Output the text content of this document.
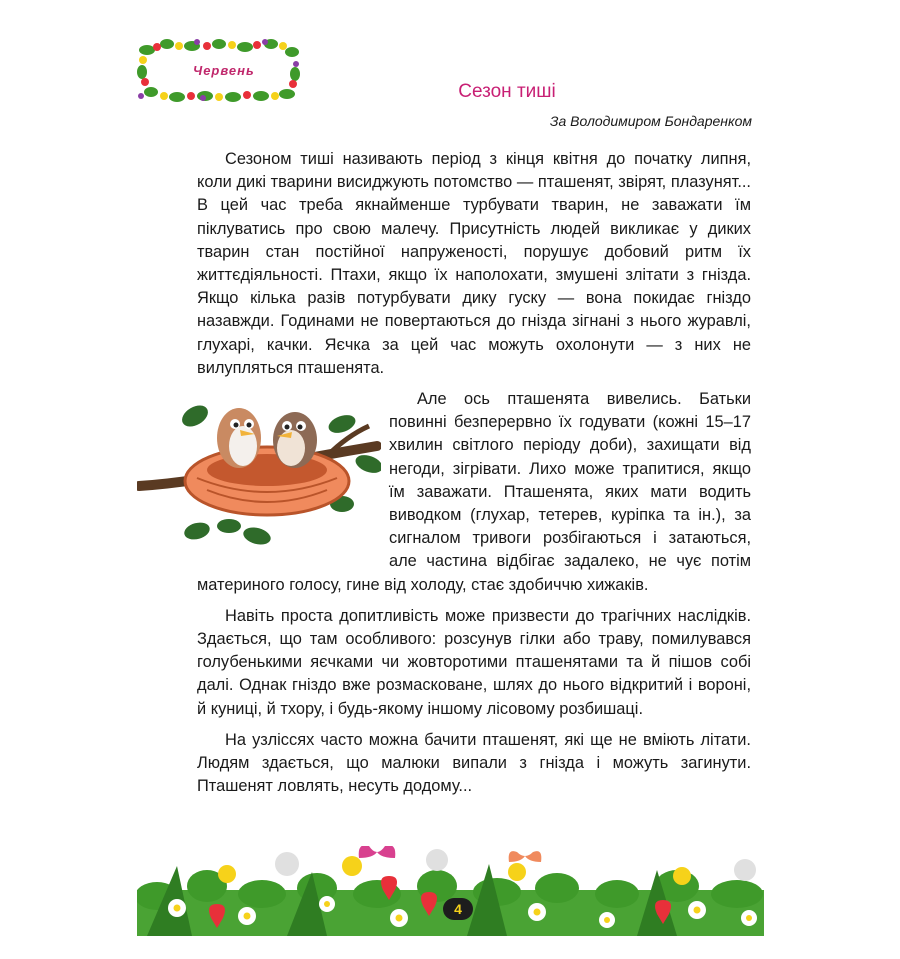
Червень
Сезон тиші
За Володимиром Бондаренком

Сезоном тиші називають період з кінця квітня до початку липня, коли дикі тварини висиджують потомство — пташенят, звірят, плазунят... В цей час треба якнайменше турбувати тварин, не заважати їм піклуватись про свою малечу. Присутність людей викликає у диких тварин стан постійної напруженості, порушує добовий ритм їх життєдіяльності. Птахи, якщо їх наполохати, змушені злітати з гнізда. Якщо кілька разів потурбувати дику гуску — вона покидає гніздо назавжди. Годинами не повертаються до гнізда зігнані з нього журавлі, глухарі, качки. Яєчка за цей час можуть охолонути — з них не вилупляться пташенята.

Але ось пташенята вивелись. Батьки повинні безперервно їх годувати (кожні 15–17 хвилин світлого періоду доби), захищати від негоди, зігрівати. Лихо може трапитися, якщо їм заважати. Пташенята, яких мати водить виводком (глухар, тетерев, куріпка та ін.), за сигналом тривоги розбігаються і затаються, але частина відбігає задалеко, не чує потім материного голосу, гине від холоду, стає здобиччю хижаків.

Навіть проста допитливість може призвести до трагічних наслідків. Здається, що там особливого: розсунув гілки або траву, помилувався голубенькими яєчками чи жовторотими пташенятами та й пішов собі далі. Однак гніздо вже розмасковане, шлях до нього відкритий і вороні, й куниці, й тхору, і будь-якому іншому лісовому розбишаці.

На узліссях часто можна бачити пташенят, які ще не вміють літати. Людям здається, що малюки випали з гнізда і можуть загинути. Пташенят ловлять, несуть додому...

4
